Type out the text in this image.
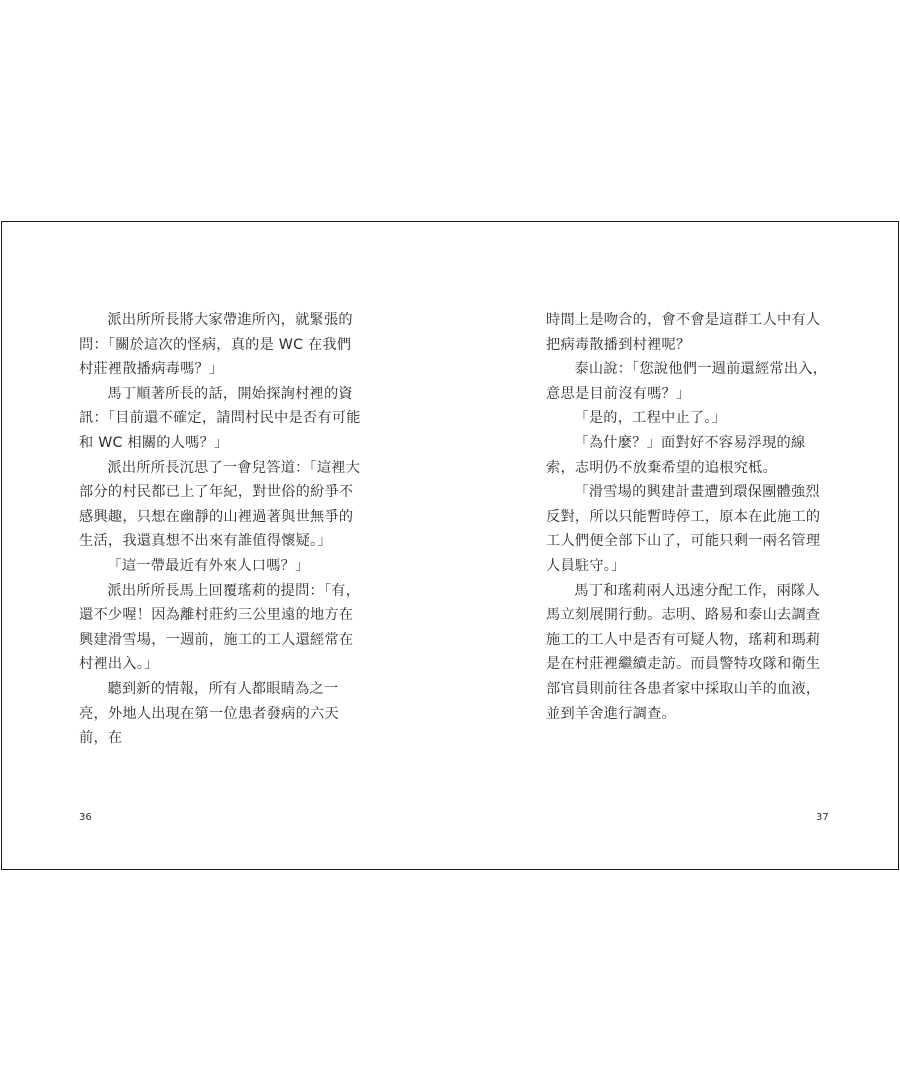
派出所所長將大家帶進所內，就緊張的問：「關於這次的怪病，真的是 WC 在我們村莊裡散播病毒嗎？」

馬丁順著所長的話，開始探詢村裡的資訊：「目前還不確定，請問村民中是否有可能和 WC 相關的人嗎？」

派出所所長沉思了一會兒答道：「這裡大部分的村民都已上了年紀，對世俗的紛爭不感興趣，只想在幽靜的山裡過著與世無爭的生活，我還真想不出來有誰值得懷疑。」

「這一帶最近有外來人口嗎？」

派出所所長馬上回覆瑤莉的提問：「有，還不少喔！因為離村莊約三公里遠的地方在興建滑雪場，一週前，施工的工人還經常在村裡出入。」

聽到新的情報，所有人都眼睛為之一亮，外地人出現在第一位患者發病的六天前，在

36

時間上是吻合的，會不會是這群工人中有人把病毒散播到村裡呢？

泰山說：「您說他們一週前還經常出入，意思是目前沒有嗎？」

「是的，工程中止了。」

「為什麼？」面對好不容易浮現的線索，志明仍不放棄希望的追根究柢。

「滑雪場的興建計畫遭到環保團體強烈反對，所以只能暫時停工，原本在此施工的工人們便全部下山了，可能只剩一兩名管理人員駐守。」

馬丁和瑤莉兩人迅速分配工作，兩隊人馬立刻展開行動。志明、路易和泰山去調查施工的工人中是否有可疑人物，瑤莉和瑪莉是在村莊裡繼續走訪。而員警特攻隊和衛生部官員則前往各患者家中採取山羊的血液，並到羊舍進行調查。

37
